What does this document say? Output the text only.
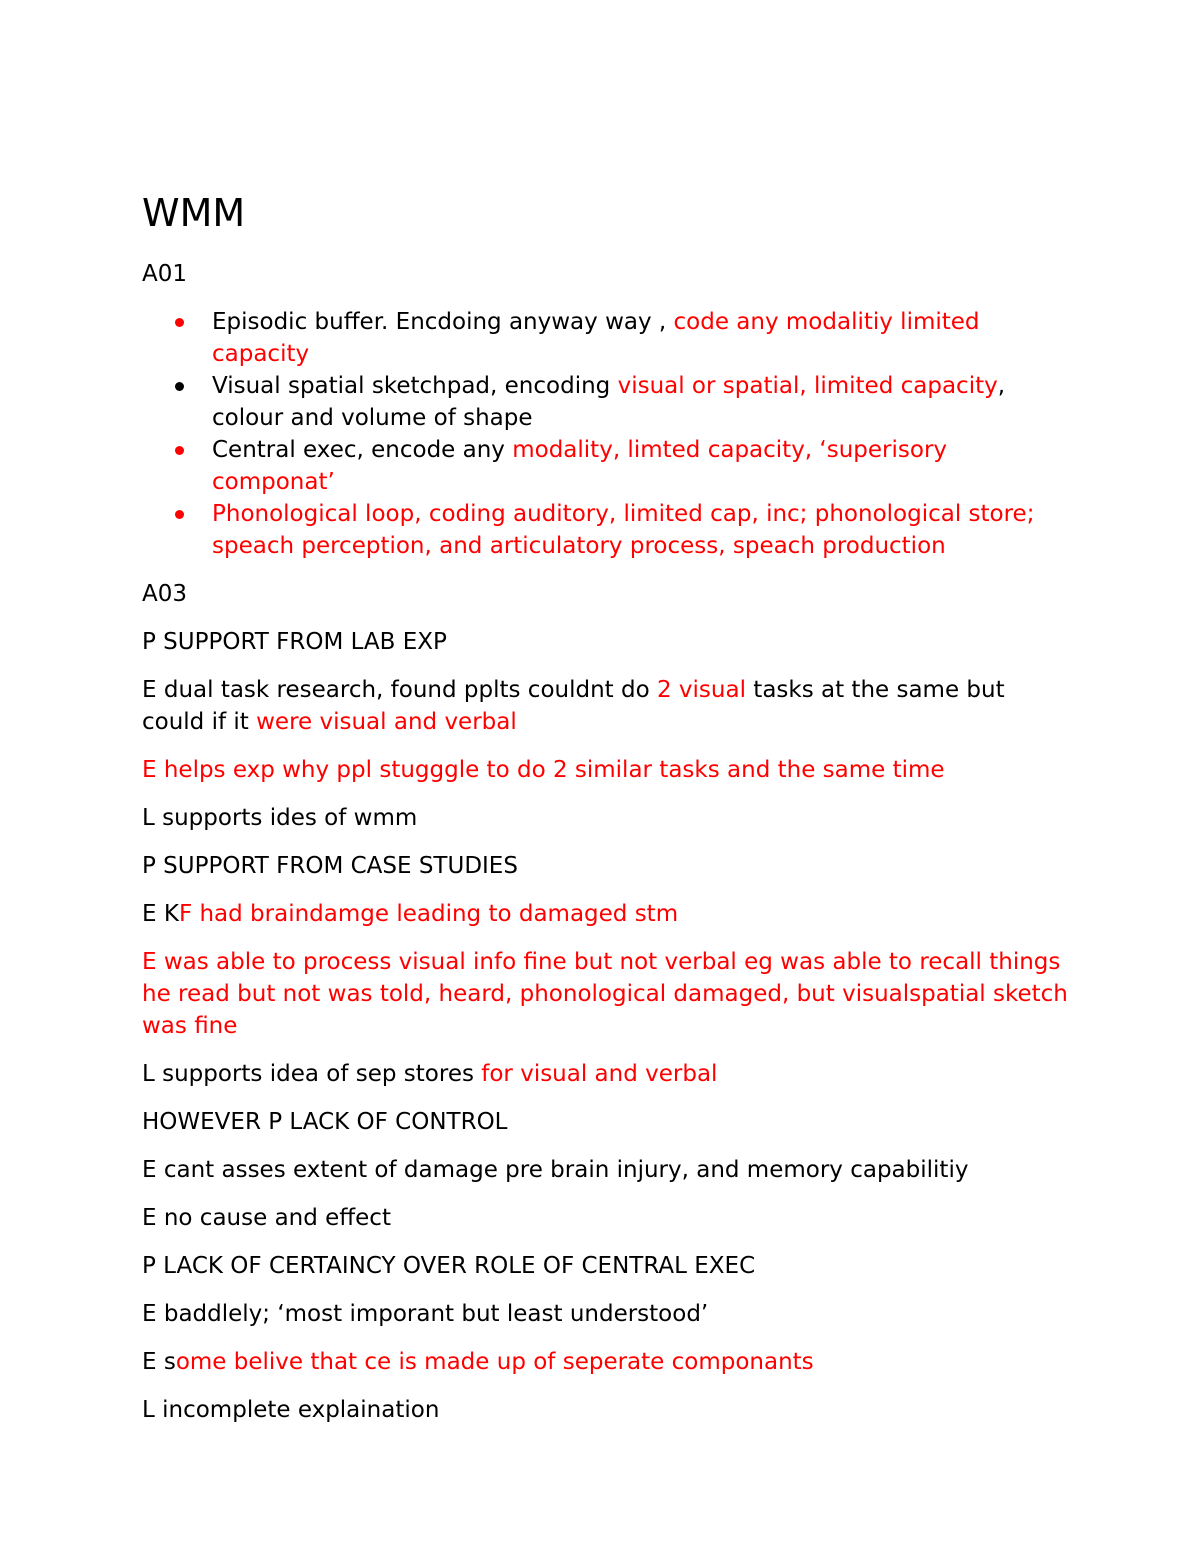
WMM

A01

Episodic buffer. Encdoing anyway way , code any modalitiy limited capacity
Visual spatial sketchpad, encoding visual or spatial, limited capacity, colour and volume of shape
Central exec, encode any modality, limted capacity, ‘superisory componat’
Phonological loop, coding auditory, limited cap, inc; phonological store; speach perception, and articulatory process, speach production

A03

P SUPPORT FROM LAB EXP

E dual task research, found ppl​ts couldnt do 2 visual tasks at the same but could if it were visual and verbal

E helps exp why ppl stugggle to do 2 similar tasks and the same time

L supports ides of wmm

P SUPPORT FROM CASE STUDIES

E KF had braindamge leading to damaged stm

E was able to process visual info fine but not verbal eg was able to recall things he read but not was told, heard, phonological damaged, but visualspatial sketch was fine

L supports idea of sep stores for visual and verbal

HOWEVER P LACK OF CONTROL

E cant asses extent of damage pre brain injury, and memory capabilitiy

E no cause and effect

P LACK OF CERTAINCY OVER ROLE OF CENTRAL EXEC

E baddlely; ‘most imporant but least understood’

E some belive that ce is made up of seperate componants

L incomplete explaination
